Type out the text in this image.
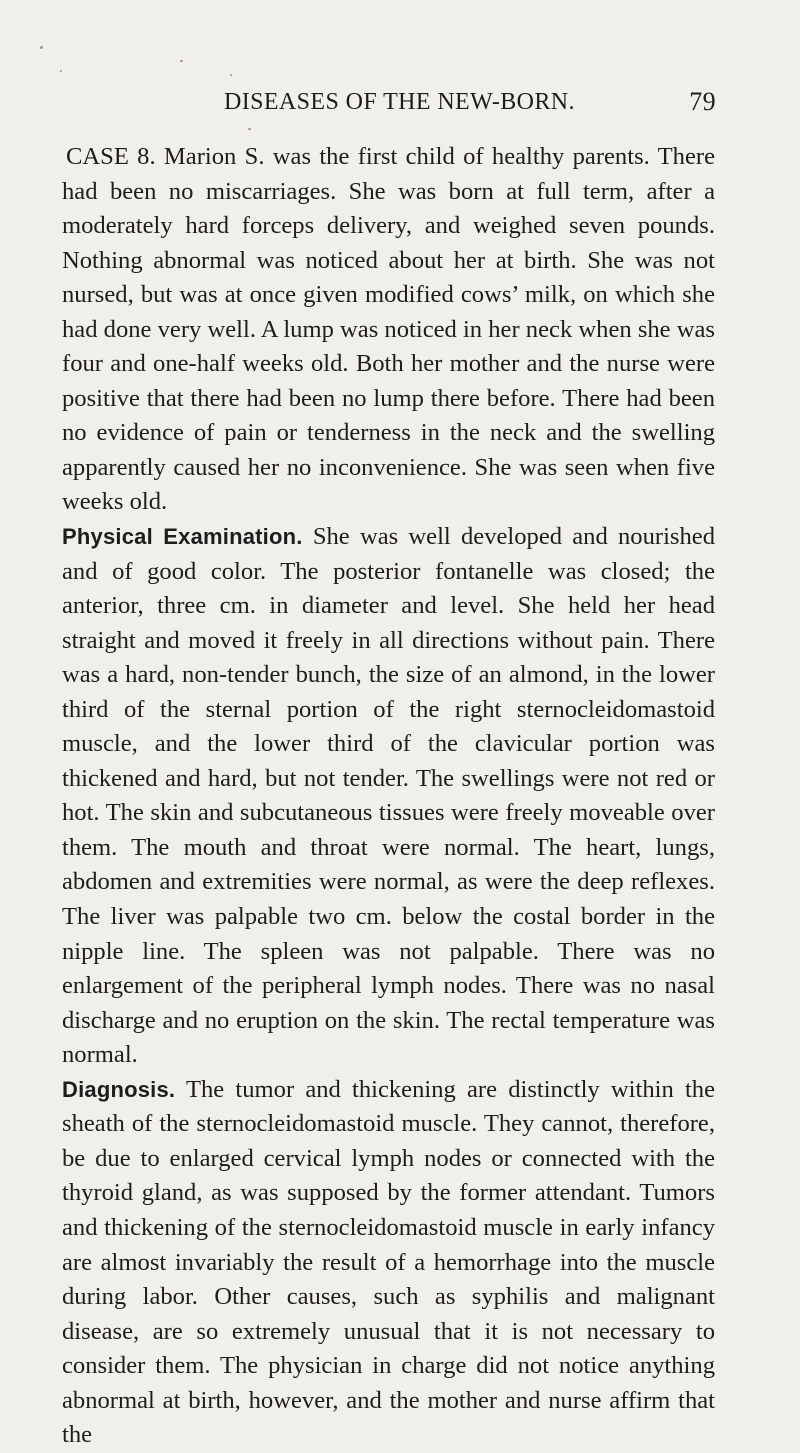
DISEASES OF THE NEW-BORN.	79

CASE 8. Marion S. was the first child of healthy parents. There had been no miscarriages. She was born at full term, after a moderately hard forceps delivery, and weighed seven pounds. Nothing abnormal was noticed about her at birth. She was not nursed, but was at once given modified cows’ milk, on which she had done very well. A lump was noticed in her neck when she was four and one-half weeks old. Both her mother and the nurse were positive that there had been no lump there before. There had been no evidence of pain or tenderness in the neck and the swelling apparently caused her no inconvenience. She was seen when five weeks old.

Physical Examination. She was well developed and nourished and of good color. The posterior fontanelle was closed; the anterior, three cm. in diameter and level. She held her head straight and moved it freely in all directions without pain. There was a hard, non-tender bunch, the size of an almond, in the lower third of the sternal portion of the right sternocleidomastoid muscle, and the lower third of the clavicular portion was thickened and hard, but not tender. The swellings were not red or hot. The skin and subcutaneous tissues were freely moveable over them. The mouth and throat were normal. The heart, lungs, abdomen and extremities were normal, as were the deep reflexes. The liver was palpable two cm. below the costal border in the nipple line. The spleen was not palpable. There was no enlargement of the peripheral lymph nodes. There was no nasal discharge and no eruption on the skin. The rectal temperature was normal.

Diagnosis. The tumor and thickening are distinctly within the sheath of the sternocleidomastoid muscle. They cannot, therefore, be due to enlarged cervical lymph nodes or connected with the thyroid gland, as was supposed by the former attendant. Tumors and thickening of the sternocleidomastoid muscle in early infancy are almost invariably the result of a hemorrhage into the muscle during labor. Other causes, such as syphilis and malignant disease, are so extremely unusual that it is not necessary to consider them. The physician in charge did not notice anything abnormal at birth, however, and the mother and nurse affirm that the
